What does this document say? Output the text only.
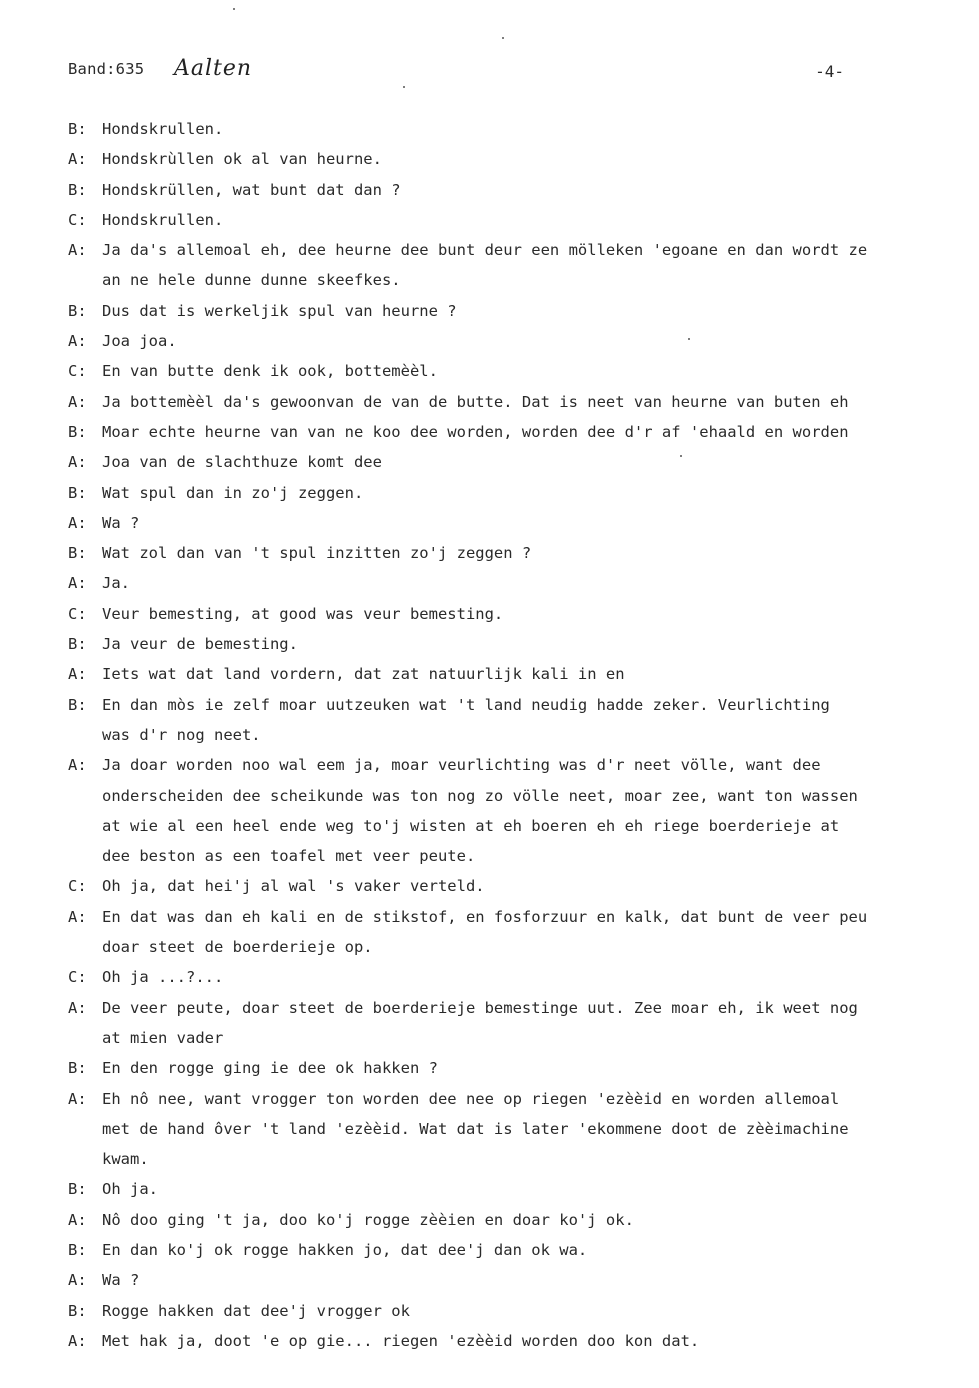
Band:635 Aalten	-4-
B: Hondskrullen.
A: Hondskrùllen ok al van heurne.
B: Hondskrüllen, wat bunt dat dan ?
C: Hondskrullen.
A: Ja da's allemoal eh, dee heurne dee bunt deur een mölleken 'egoane en dan wordt ze
an ne hele dunne dunne skeefkes.
B: Dus dat is werkeljik spul van heurne ?
A: Joa joa.
C: En van butte denk ik ook, bottemèèl.
A: Ja bottemèèl da's gewoonvan de van de butte. Dat is neet van heurne van buten eh
B: Moar echte heurne van van ne koo dee worden, worden dee d'r af 'ehaald en worden
A: Joa van de slachthuze komt dee
B: Wat spul dan in zo'j zeggen.
A: Wa ?
B: Wat zol dan van 't spul inzitten zo'j zeggen ?
A: Ja.
C: Veur bemesting, at good was veur bemesting.
B: Ja veur de bemesting.
A: Iets wat dat land vordern, dat zat natuurlijk kali in en
B: En dan mòs ie zelf moar uutzeuken wat 't land neudig hadde zeker. Veurlichting
was d'r nog neet.
A: Ja doar worden noo wal eem ja, moar veurlichting was d'r neet völle, want dee
onderscheiden dee scheikunde was ton nog zo völle neet, moar zee, want ton wassen
at wie al een heel ende weg to'j wisten at eh boeren eh eh riege boerderieje at
dee beston as een toafel met veer peute.
C: Oh ja, dat hei'j al wal 's vaker verteld.
A: En dat was dan eh kali en de stikstof, en fosforzuur en kalk, dat bunt de veer peu
doar steet de boerderieje op.
C: Oh ja ...?...
A: De veer peute, doar steet de boerderieje bemestinge uut. Zee moar eh, ik weet nog
at mien vader
B: En den rogge ging ie dee ok hakken ?
A: Eh nô nee, want vrogger ton worden dee nee op riegen 'ezèèid en worden allemoal
met de hand ôver 't land 'ezèèid. Wat dat is later 'ekommene doot de zèèimachine
kwam.
B: Oh ja.
A: Nô doo ging 't ja, doo ko'j rogge zèèien en doar ko'j ok.
B: En dan ko'j ok rogge hakken jo, dat dee'j dan ok wa.
A: Wa ?
B: Rogge hakken dat dee'j vrogger ok
A: Met hak ja, doot 'e op gie... riegen 'ezèèid worden doo kon dat.
